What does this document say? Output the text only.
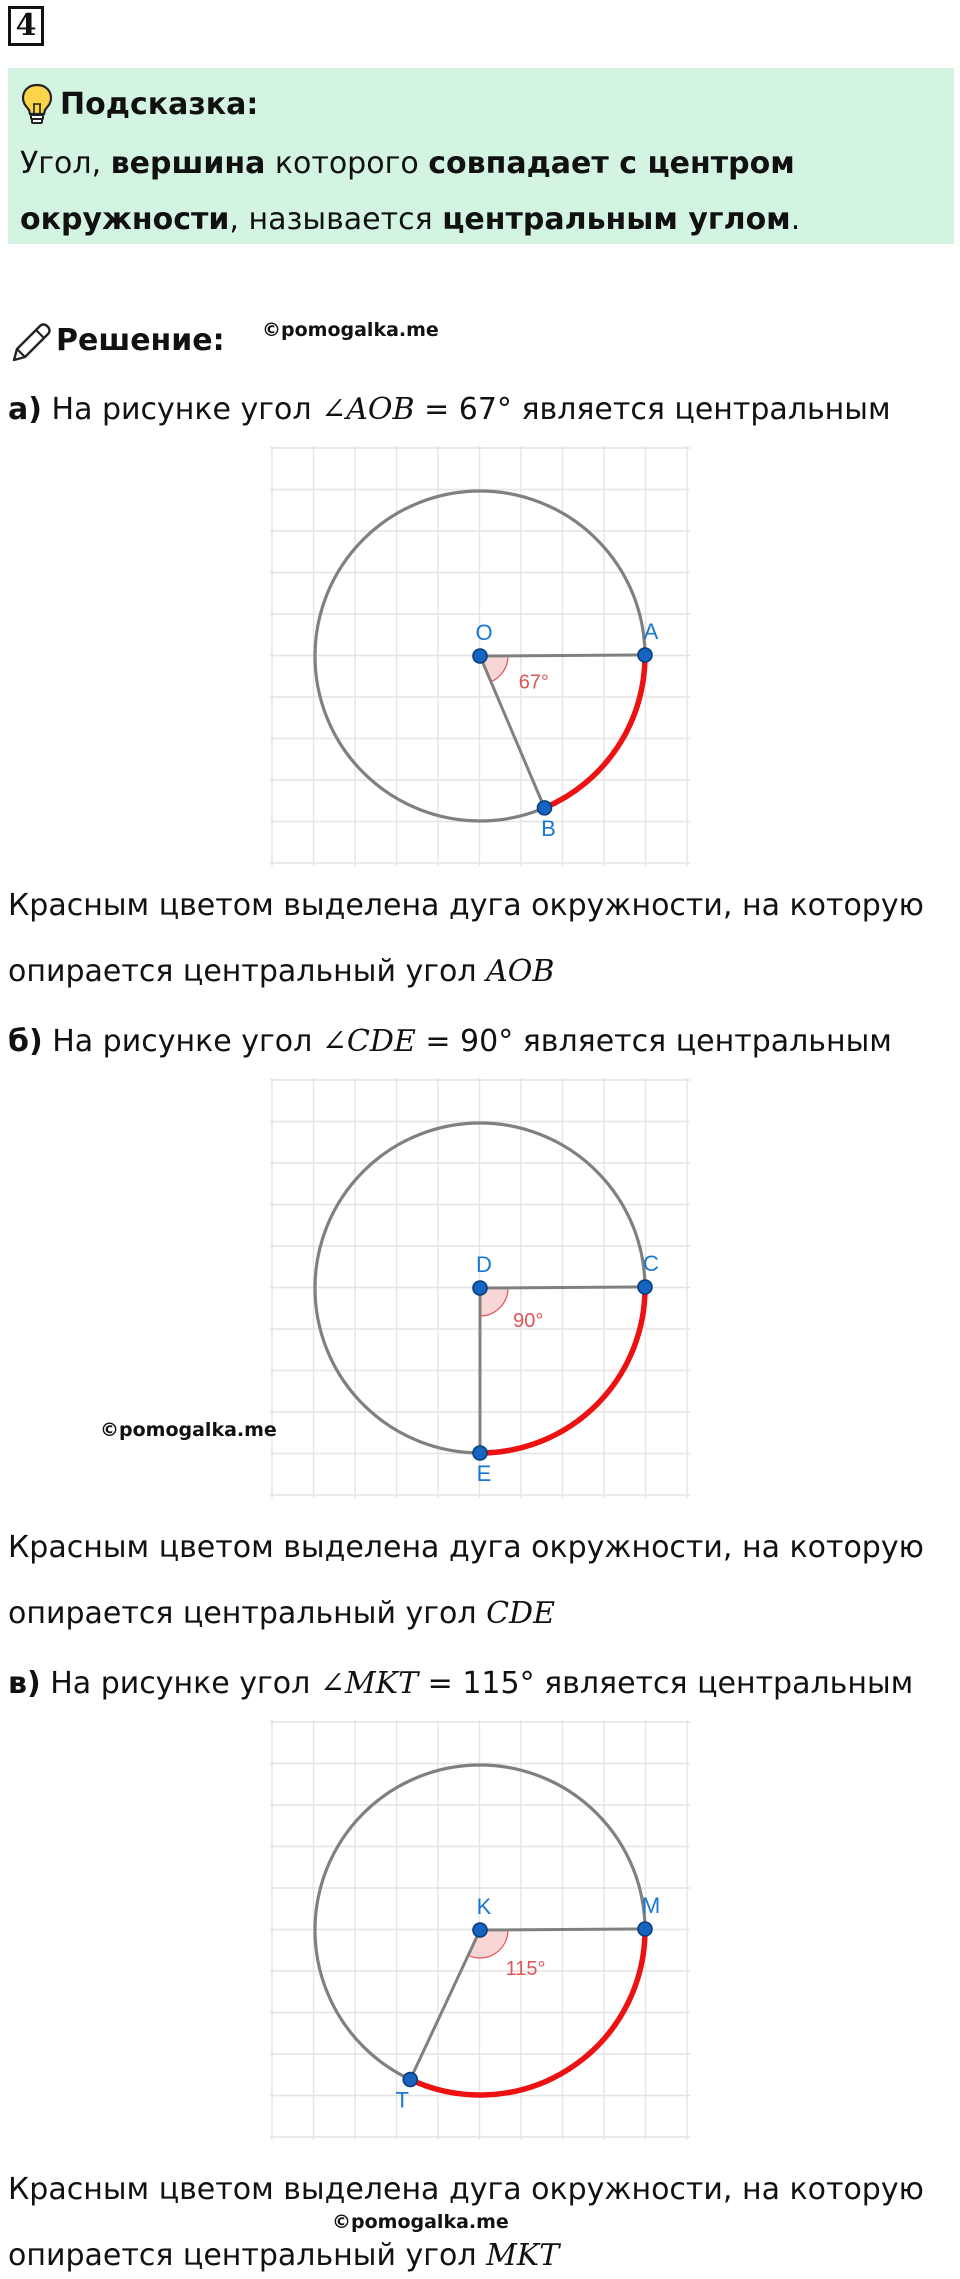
4
Подсказка:
Угол, вершина которого совпадает с центром окружности, называется центральным углом.
Решение: ©pomogalka.me
а) На рисунке угол ∠AOB = 67° является центральным
67°
O	A
B
Красным цветом выделена дуга окружности, на которую
опирается центральный угол AOB
б) На рисунке угол ∠CDE = 90° является центральным
90°
D	C
E
©pomogalka.me
Красным цветом выделена дуга окружности, на которую
опирается центральный угол CDE
в) На рисунке угол ∠MKT = 115° является центральным
115°
K	M
T
Красным цветом выделена дуга окружности, на которую
©pomogalka.me
опирается центральный угол MKT
